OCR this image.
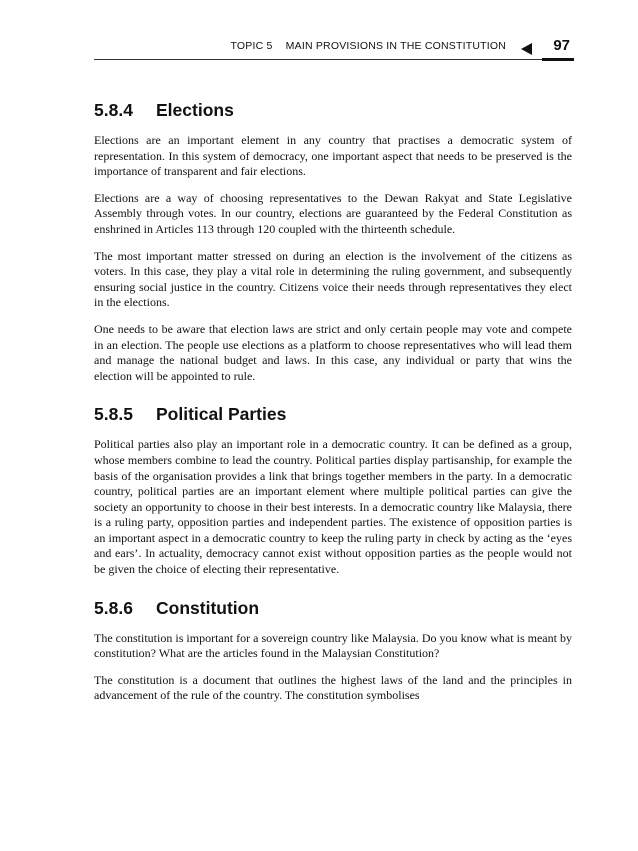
TOPIC 5 MAIN PROVISIONS IN THE CONSTITUTION	97
5.8.4 Elections

Elections are an important element in any country that practises a democratic system of representation. In this system of democracy, one important aspect that needs to be preserved is the importance of transparent and fair elections.

Elections are a way of choosing representatives to the Dewan Rakyat and State Legislative Assembly through votes. In our country, elections are guaranteed by the Federal Constitution as enshrined in Articles 113 through 120 coupled with the thirteenth schedule.

The most important matter stressed on during an election is the involvement of the citizens as voters. In this case, they play a vital role in determining the ruling government, and subsequently ensuring social justice in the country. Citizens voice their needs through representatives they elect in the elections.

One needs to be aware that election laws are strict and only certain people may vote and compete in an election. The people use elections as a platform to choose representatives who will lead them and manage the national budget and laws. In this case, any individual or party that wins the election will be appointed to rule.

5.8.5 Political Parties

Political parties also play an important role in a democratic country. It can be defined as a group, whose members combine to lead the country. Political parties display partisanship, for example the basis of the organisation provides a link that brings together members in the party. In a democratic country, political parties are an important element where multiple political parties can give the society an opportunity to choose in their best interests. In a democratic country like Malaysia, there is a ruling party, opposition parties and independent parties. The existence of opposition parties is an important aspect in a democratic country to keep the ruling party in check by acting as the ‘eyes and ears’. In actuality, democracy cannot exist without opposition parties as the people would not be given the choice of electing their representative.

5.8.6 Constitution

The constitution is important for a sovereign country like Malaysia. Do you know what is meant by constitution? What are the articles found in the Malaysian Constitution?

The constitution is a document that outlines the highest laws of the land and the principles in advancement of the rule of the country. The constitution symbolises
